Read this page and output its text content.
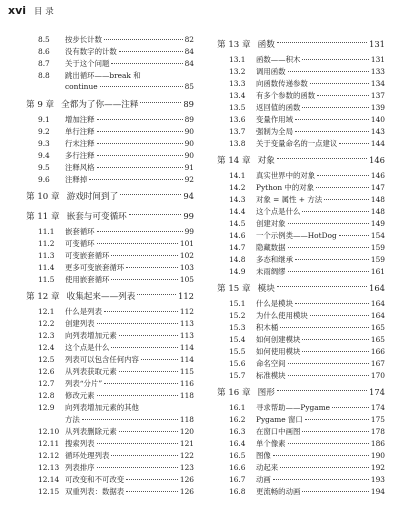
xvi 目 录
8.5	按步长计数	82
8.6	没有数字的计数	84
8.7	关于这个问题	84
8.8	跳出循环——break 和
continue	85
第 9 章 全都为了你——注释	89
9.1	增加注释	89
9.2	单行注释	90
9.3	行末注释	90
9.4	多行注释	90
9.5	注释风格	91
9.6	注释掉	92
第 10 章 游戏时间到了	94
第 11 章 嵌套与可变循环	99
11.1	嵌套循环	99
11.2	可变循环	101
11.3	可变嵌套循环	102
11.4	更多可变嵌套循环	103
11.5	使用嵌套循环	105
第 12 章 收集起来——列表	112
12.1	什么是列表	112
12.2	创建列表	113
12.3	向列表增加元素	113
12.4	这个点是什么	114
12.5	列表可以包含任何内容	114
12.6	从列表获取元素	115
12.7	列表“分片”	116
12.8	修改元素	118
12.9	向列表增加元素的其他
方法	118
12.10 从列表删除元素	120
12.11 搜索列表	121
12.12 循环处理列表	122
12.13 列表排序	123
12.14 可改变和不可改变	126
12.15 双重列表：数据表	126
第 13 章 函数	131
13.1	函数——积木	131
13.2	调用函数	133
13.3	向函数传递参数	134
13.4	有多个参数的函数	137
13.5	返回值的函数	139
13.6	变量作用域	140
13.7	强制为全局	143
13.8	关于变量命名的一点建议	144
第 14 章 对象	146
14.1	真实世界中的对象	146
14.2	Python 中的对象	147
14.3	对象 = 属性 + 方法	148
14.4	这个点是什么	148
14.5	创建对象	149
14.6	一个示例类——HotDog	154
14.7	隐藏数据	159
14.8	多态和继承	159
14.9	未雨绸缪	161
第 15 章 模块	164
15.1	什么是模块	164
15.2	为什么使用模块	164
15.3	积木桶	165
15.4	如何创建模块	165
15.5	如何使用模块	166
15.6	命名空间	167
15.7	标准模块	170
第 16 章 图形	174
16.1	寻求帮助——Pygame	174
16.2	Pygame 窗口	175
16.3	在窗口中画图	178
16.4	单个像素	186
16.5	图像	190
16.6	动起来	192
16.7	动画	193
16.8	更流畅的动画	194
